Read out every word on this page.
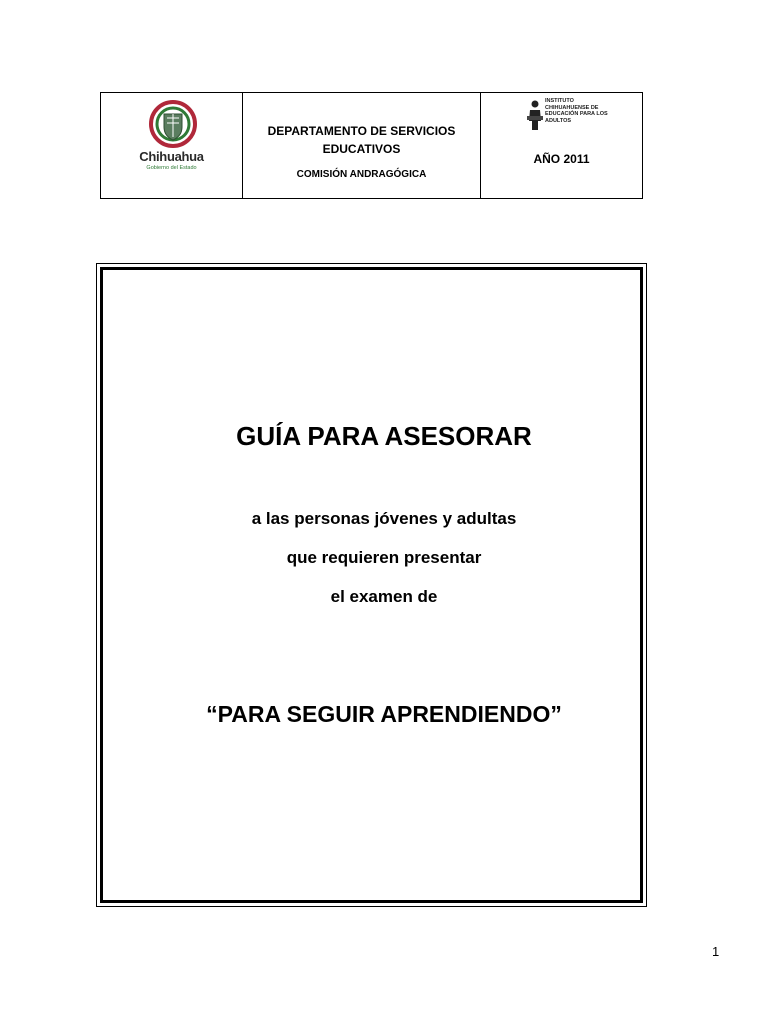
Chihuahua
Gobierno del Estado
DEPARTAMENTO DE SERVICIOS EDUCATIVOS
COMISIÓN ANDRAGÓGICA
INSTITUTO
CHIHUAHUENSE DE
EDUCACIÓN PARA LOS
ADULTOS
AÑO 2011
GUÍA PARA ASESORAR
a las personas jóvenes y adultas
que requieren presentar
el examen de
“PARA SEGUIR APRENDIENDO”
1
